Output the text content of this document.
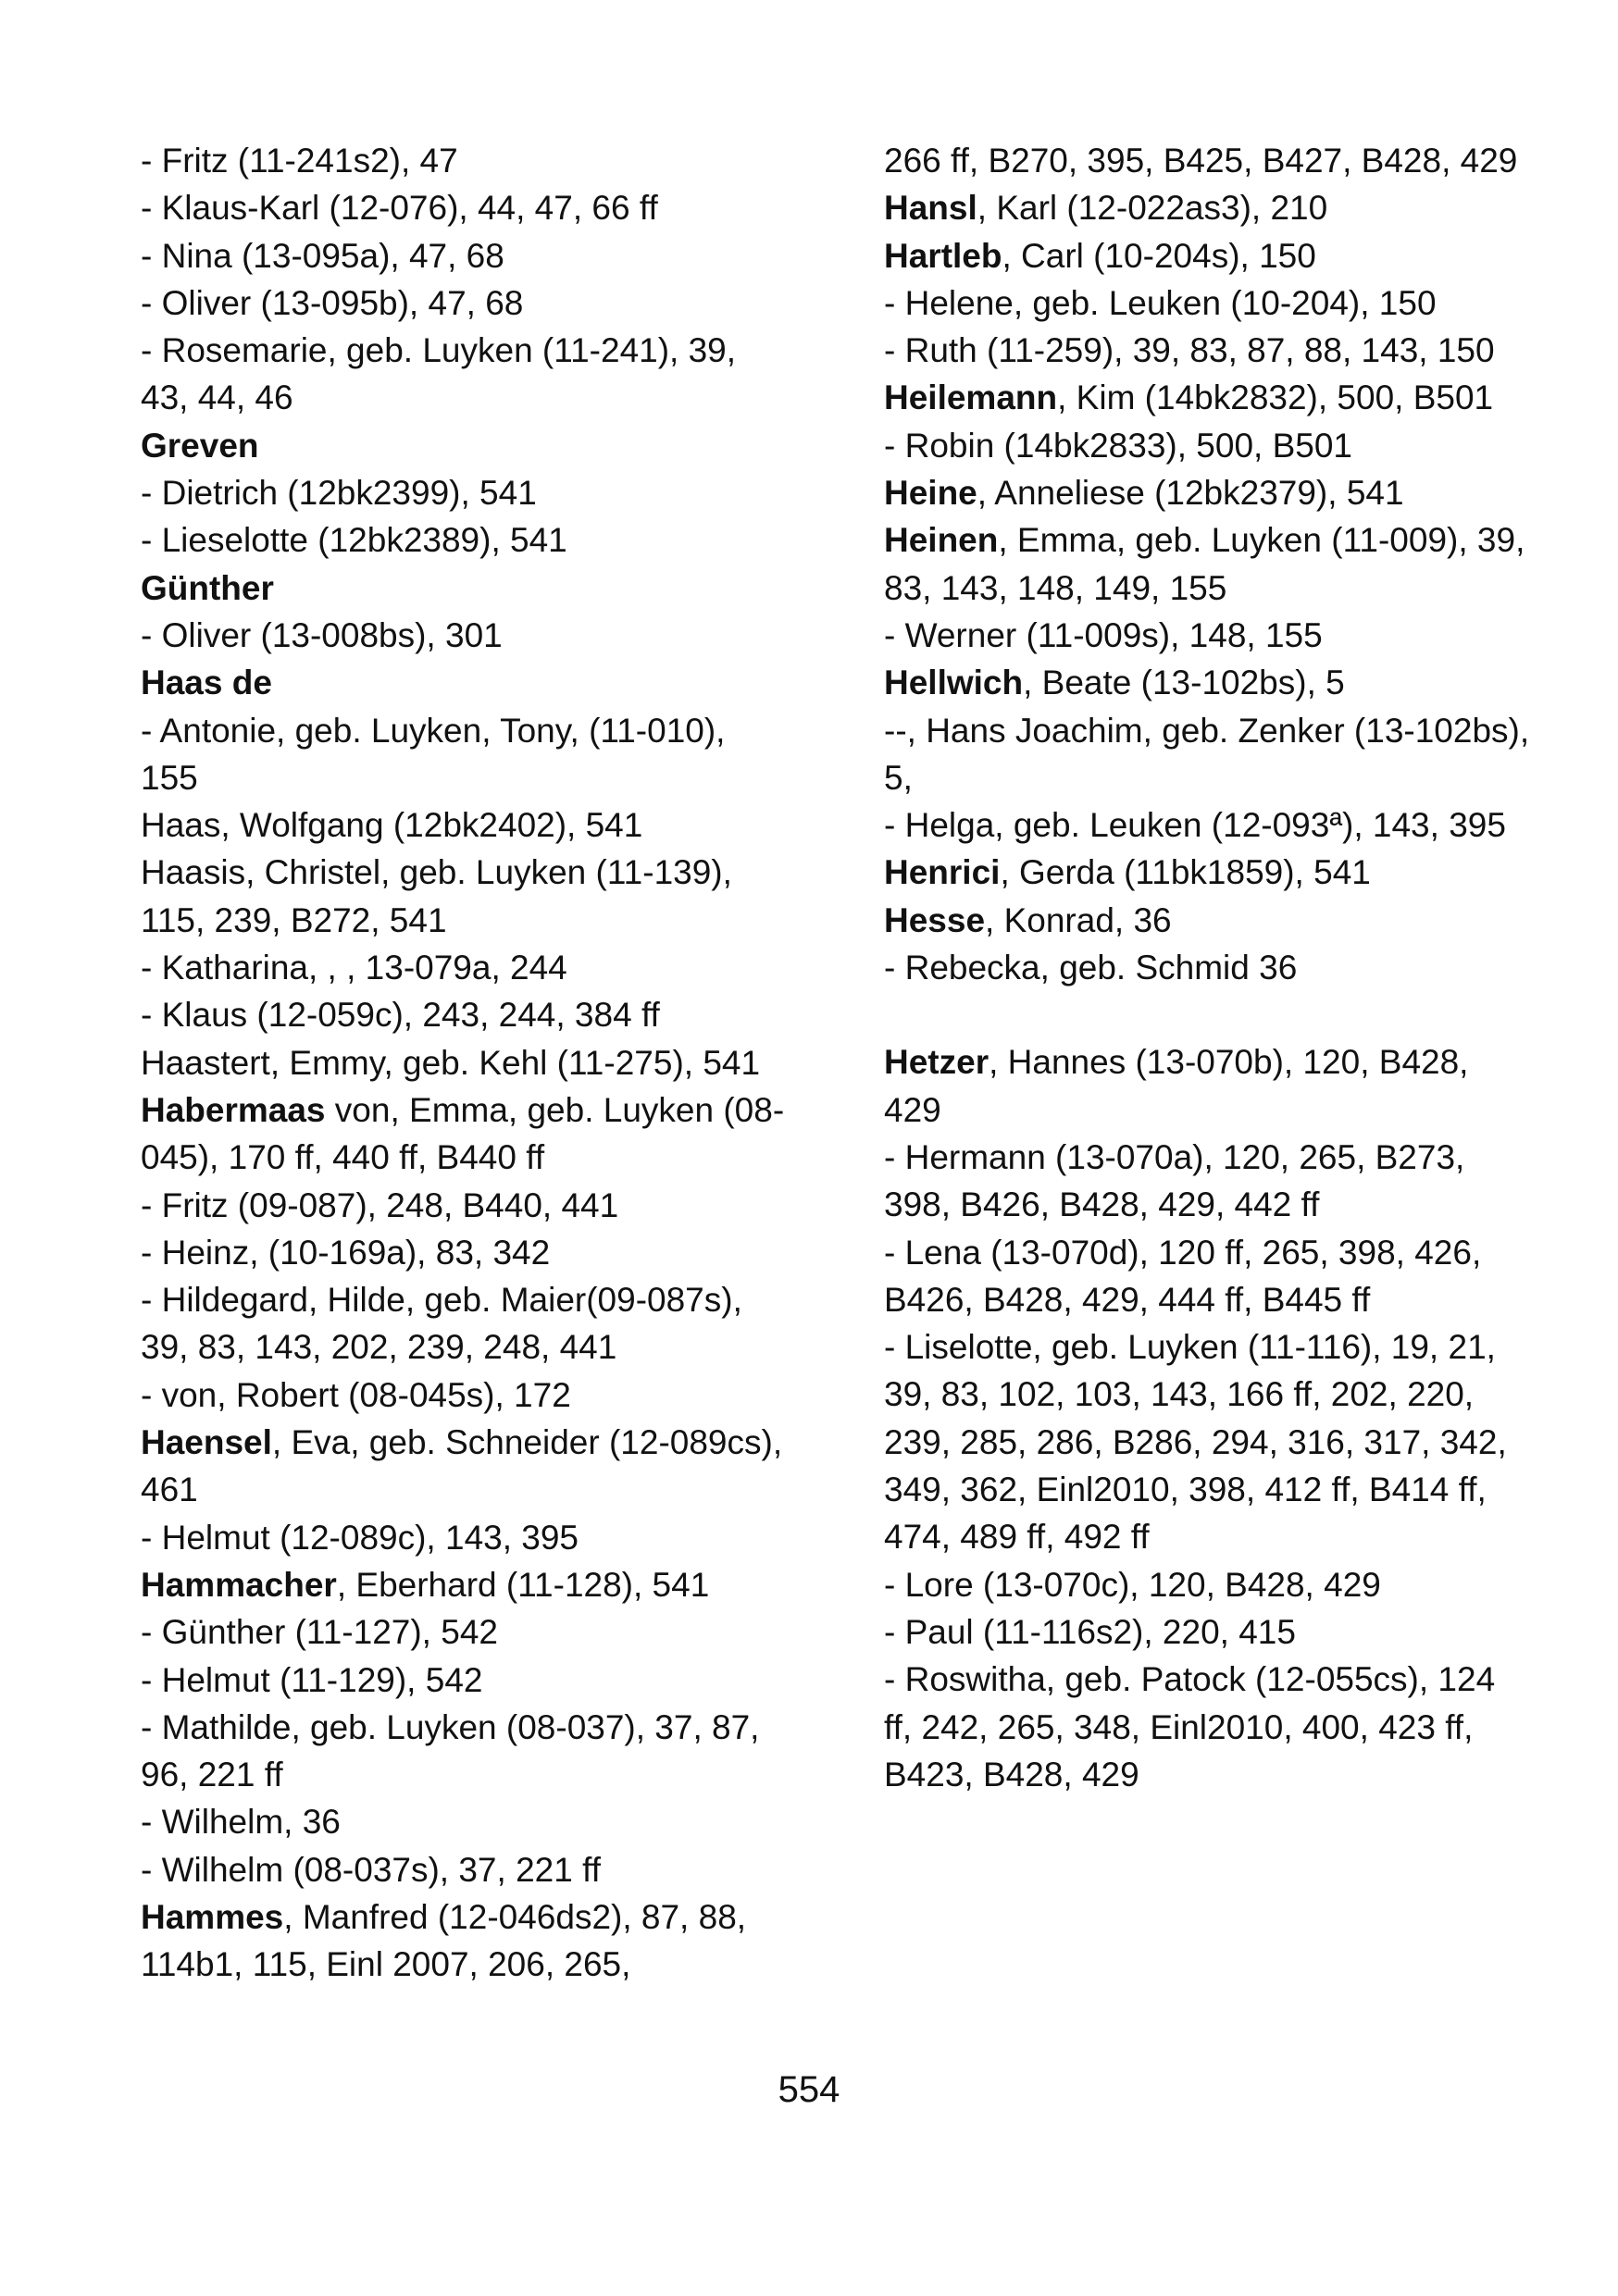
- Fritz (11-241s2), 47

- Klaus-Karl (12-076), 44, 47, 66 ff

- Nina (13-095a), 47, 68

- Oliver (13-095b), 47, 68

- Rosemarie, geb. Luyken (11-241), 39, 43, 44, 46

Greven

- Dietrich (12bk2399), 541

- Lieselotte (12bk2389), 541

Günther

- Oliver (13-008bs), 301

Haas de

- Antonie, geb. Luyken, Tony, (11-010), 155

Haas, Wolfgang (12bk2402), 541

Haasis, Christel, geb. Luyken (11-139), 115, 239, B272, 541

- Katharina, , , 13-079a, 244

- Klaus (12-059c), 243, 244, 384 ff

Haastert, Emmy, geb. Kehl (11-275), 541

Habermaas von, Emma, geb. Luyken (08-045), 170 ff, 440 ff, B440 ff

- Fritz (09-087), 248, B440, 441

- Heinz, (10-169a), 83, 342

- Hildegard, Hilde, geb. Maier(09-087s), 39, 83, 143, 202, 239, 248, 441

- von, Robert (08-045s), 172

Haensel, Eva, geb. Schneider (12-089cs), 461

- Helmut (12-089c), 143, 395

Hammacher, Eberhard (11-128), 541

- Günther (11-127), 542

- Helmut (11-129), 542

- Mathilde, geb. Luyken (08-037), 37, 87, 96, 221 ff

- Wilhelm, 36

- Wilhelm (08-037s), 37, 221 ff

Hammes, Manfred (12-046ds2), 87, 88, 114b1, 115, Einl 2007, 206, 265,

266 ff, B270, 395, B425, B427, B428, 429

Hansl, Karl (12-022as3), 210

Hartleb, Carl (10-204s), 150

- Helene, geb. Leuken (10-204), 150

- Ruth (11-259), 39, 83, 87, 88, 143, 150

Heilemann, Kim (14bk2832), 500, B501

- Robin (14bk2833), 500, B501

Heine, Anneliese (12bk2379), 541

Heinen, Emma, geb. Luyken (11-009), 39, 83, 143, 148, 149, 155

- Werner (11-009s), 148, 155

Hellwich, Beate (13-102bs), 5

--, Hans Joachim, geb. Zenker (13-102bs), 5,

- Helga, geb. Leuken (12-093ª), 143, 395

Henrici, Gerda (11bk1859), 541

Hesse, Konrad, 36

- Rebecka, geb. Schmid 36

Hetzer, Hannes (13-070b), 120, B428, 429

- Hermann (13-070a), 120, 265, B273, 398, B426, B428, 429, 442 ff

- Lena (13-070d), 120 ff, 265, 398, 426, B426, B428, 429, 444 ff, B445 ff

- Liselotte, geb. Luyken (11-116), 19, 21, 39, 83, 102, 103, 143, 166 ff, 202, 220, 239, 285, 286, B286, 294, 316, 317, 342, 349, 362, Einl2010, 398, 412 ff, B414 ff, 474, 489 ff, 492 ff

- Lore (13-070c), 120, B428, 429

- Paul (11-116s2), 220, 415

- Roswitha, geb. Patock (12-055cs), 124 ff, 242, 265, 348, Einl2010, 400, 423 ff, B423, B428, 429

554
